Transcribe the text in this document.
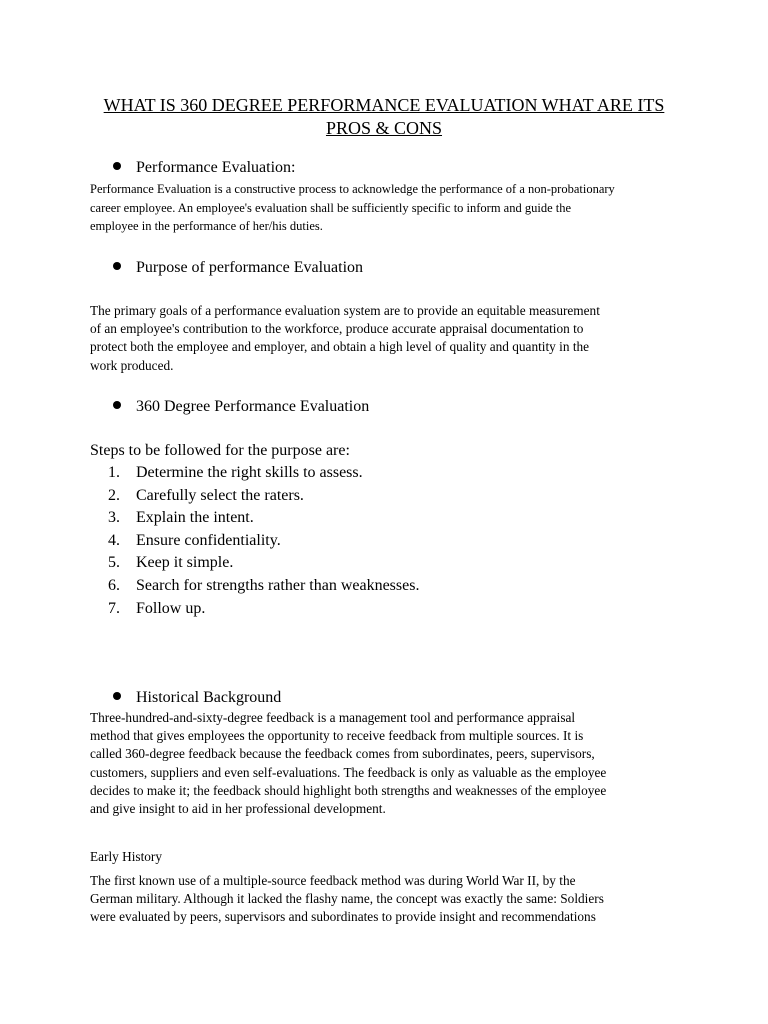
WHAT IS 360 DEGREE PERFORMANCE EVALUATION WHAT ARE ITS PROS & CONS
Performance Evaluation:
Performance Evaluation is a constructive process to acknowledge the performance of a non-probationary
career employee. An employee's evaluation shall be sufficiently specific to inform and guide the
employee in the performance of her/his duties.
Purpose of performance Evaluation
The primary goals of a performance evaluation system are to provide an equitable measurement
of an employee's contribution to the workforce, produce accurate appraisal documentation to
protect both the employee and employer, and obtain a high level of quality and quantity in the
work produced.
360 Degree Performance Evaluation
Steps to be followed for the purpose are:
1. Determine the right skills to assess.
2. Carefully select the raters.
3. Explain the intent.
4. Ensure confidentiality.
5. Keep it simple.
6. Search for strengths rather than weaknesses.
7. Follow up.
Historical Background
Three-hundred-and-sixty-degree feedback is a management tool and performance appraisal
method that gives employees the opportunity to receive feedback from multiple sources. It is
called 360-degree feedback because the feedback comes from subordinates, peers, supervisors,
customers, suppliers and even self-evaluations. The feedback is only as valuable as the employee
decides to make it; the feedback should highlight both strengths and weaknesses of the employee
and give insight to aid in her professional development.
Early History
The first known use of a multiple-source feedback method was during World War II, by the
German military. Although it lacked the flashy name, the concept was exactly the same: Soldiers
were evaluated by peers, supervisors and subordinates to provide insight and recommendations
